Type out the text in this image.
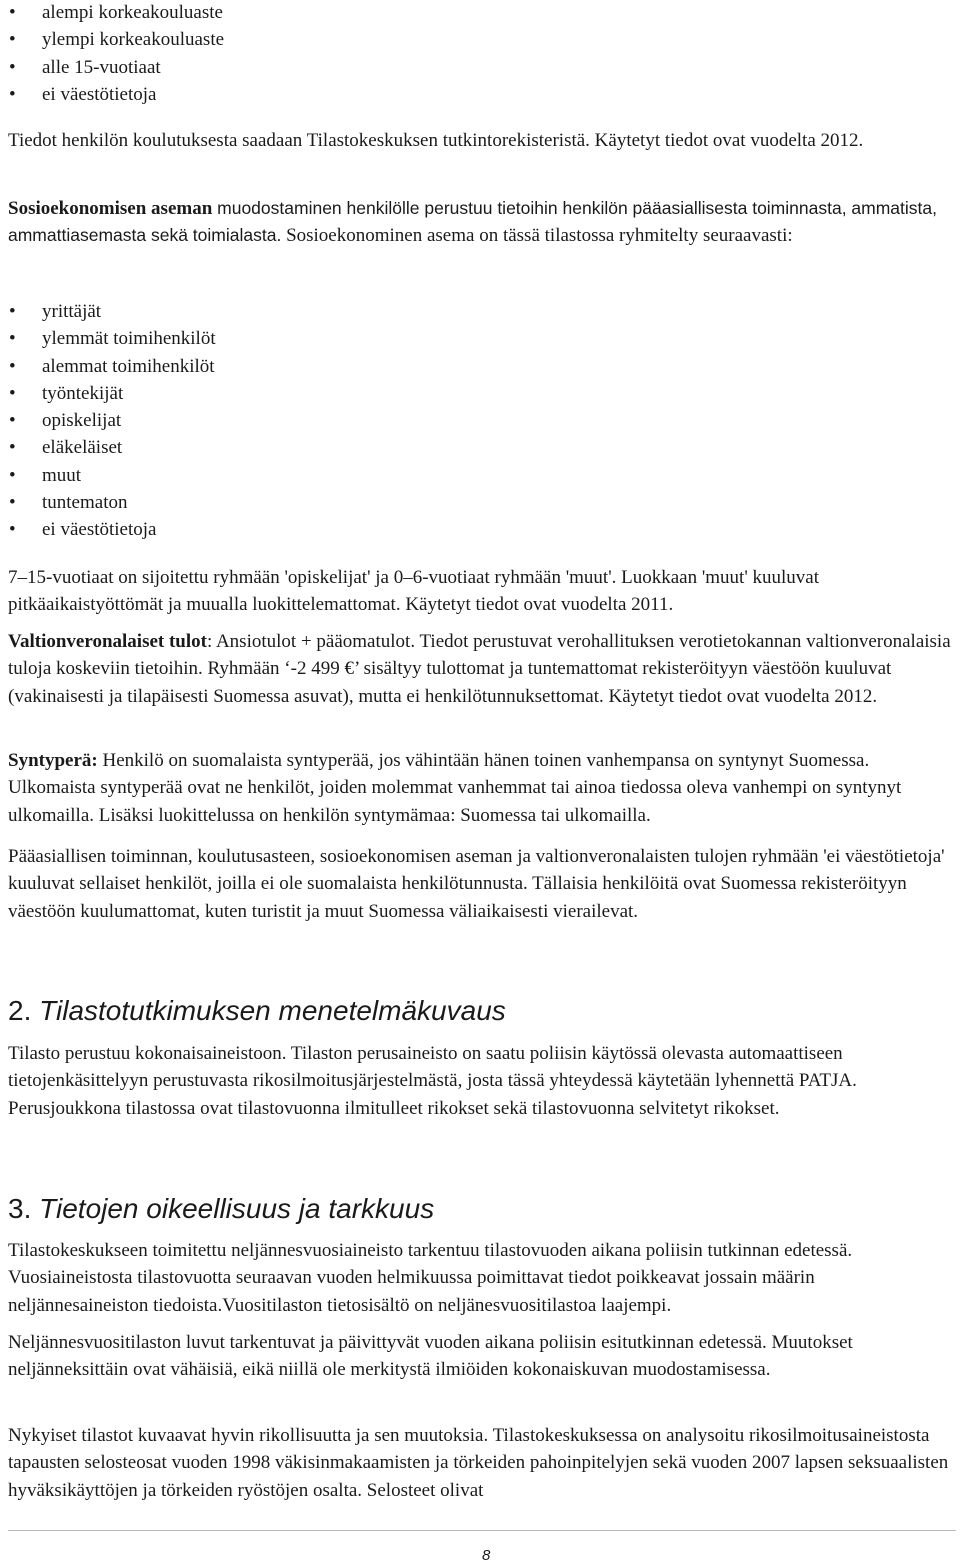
• alempi korkeakouluaste
• ylempi korkeakouluaste
• alle 15-vuotiaat
• ei väestötietoja

Tiedot henkilön koulutuksesta saadaan Tilastokeskuksen tutkintorekisteristä. Käytetyt tiedot ovat vuodelta 2012.

Sosioekonomisen aseman muodostaminen henkilölle perustuu tietoihin henkilön pääasiallisesta toiminnasta, ammatista, ammattiasemasta sekä toimialasta. Sosioekonominen asema on tässä tilastossa ryhmitelty seuraavasti:

• yrittäjät
• ylemmät toimihenkilöt
• alemmat toimihenkilöt
• työntekijät
• opiskelijat
• eläkeläiset
• muut
• tuntematon
• ei väestötietoja

7–15-vuotiaat on sijoitettu ryhmään 'opiskelijat' ja 0–6-vuotiaat ryhmään 'muut'. Luokkaan 'muut' kuuluvat pitkäaikaistyöttömät ja muualla luokittelemattomat. Käytetyt tiedot ovat vuodelta 2011.

Valtionveronalaiset tulot: Ansiotulot + pääomatulot. Tiedot perustuvat verohallituksen verotietokannan valtionveronalaisia tuloja koskeviin tietoihin. Ryhmään ‘-2 499 €’ sisältyy tulottomat ja tuntemattomat rekisteröityyn väestöön kuuluvat (vakinaisesti ja tilapäisesti Suomessa asuvat), mutta ei henkilötunnuksettomat. Käytetyt tiedot ovat vuodelta 2012.

Syntyperä: Henkilö on suomalaista syntyperää, jos vähintään hänen toinen vanhempansa on syntynyt Suomessa. Ulkomaista syntyperää ovat ne henkilöt, joiden molemmat vanhemmat tai ainoa tiedossa oleva vanhempi on syntynyt ulkomailla. Lisäksi luokittelussa on henkilön syntymämaa: Suomessa tai ulkomailla.

Pääasiallisen toiminnan, koulutusasteen, sosioekonomisen aseman ja valtionveronalaisten tulojen ryhmään 'ei väestötietoja' kuuluvat sellaiset henkilöt, joilla ei ole suomalaista henkilötunnusta. Tällaisia henkilöitä ovat Suomessa rekisteröityyn väestöön kuulumattomat, kuten turistit ja muut Suomessa väliaikaisesti vierailevat.

2. Tilastotutkimuksen menetelmäkuvaus

Tilasto perustuu kokonaisaineistoon. Tilaston perusaineisto on saatu poliisin käytössä olevasta automaattiseen tietojenkäsittelyyn perustuvasta rikosilmoitusjärjestelmästä, josta tässä yhteydessä käytetään lyhennettä PATJA. Perusjoukkona tilastossa ovat tilastovuonna ilmitulleet rikokset sekä tilastovuonna selvitetyt rikokset.

3. Tietojen oikeellisuus ja tarkkuus

Tilastokeskukseen toimitettu neljännesvuosiaineisto tarkentuu tilastovuoden aikana poliisin tutkinnan edetessä. Vuosiaineistosta tilastovuotta seuraavan vuoden helmikuussa poimittavat tiedot poikkeavat jossain määrin neljännesaineiston tiedoista.Vuositilaston tietosisältö on neljänesvuositilastoa laajempi.

Neljännesvuositilaston luvut tarkentuvat ja päivittyvät vuoden aikana poliisin esitutkinnan edetessä. Muutokset neljänneksittäin ovat vähäisiä, eikä niillä ole merkitystä ilmiöiden kokonaiskuvan muodostamisessa.

Nykyiset tilastot kuvaavat hyvin rikollisuutta ja sen muutoksia. Tilastokeskuksessa on analysoitu rikosilmoitusaineistosta tapausten selosteosat vuoden 1998 väkisinmakaamisten ja törkeiden pahoinpitelyjen sekä vuoden 2007 lapsen seksuaalisten hyväksikäyttöjen ja törkeiden ryöstöjen osalta. Selosteet olivat

8
